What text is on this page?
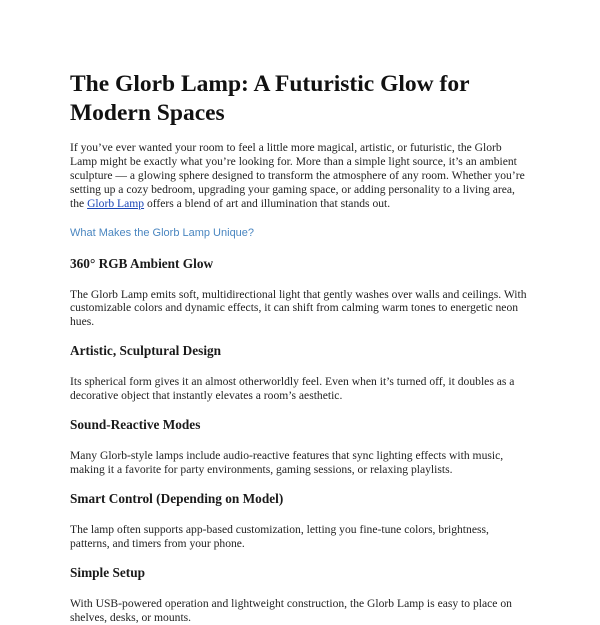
The Glorb Lamp: A Futuristic Glow for Modern Spaces

If you’ve ever wanted your room to feel a little more magical, artistic, or futuristic, the Glorb Lamp might be exactly what you’re looking for. More than a simple light source, it’s an ambient sculpture — a glowing sphere designed to transform the atmosphere of any room. Whether you’re setting up a cozy bedroom, upgrading your gaming space, or adding personality to a living area, the Glorb Lamp offers a blend of art and illumination that stands out.

What Makes the Glorb Lamp Unique?
360° RGB Ambient Glow

The Glorb Lamp emits soft, multidirectional light that gently washes over walls and ceilings. With customizable colors and dynamic effects, it can shift from calming warm tones to energetic neon hues.

Artistic, Sculptural Design

Its spherical form gives it an almost otherworldly feel. Even when it’s turned off, it doubles as a decorative object that instantly elevates a room’s aesthetic.

Sound-Reactive Modes

Many Glorb-style lamps include audio-reactive features that sync lighting effects with music, making it a favorite for party environments, gaming sessions, or relaxing playlists.

Smart Control (Depending on Model)

The lamp often supports app-based customization, letting you fine-tune colors, brightness, patterns, and timers from your phone.

Simple Setup

With USB-powered operation and lightweight construction, the Glorb Lamp is easy to place on shelves, desks, or mounts.
